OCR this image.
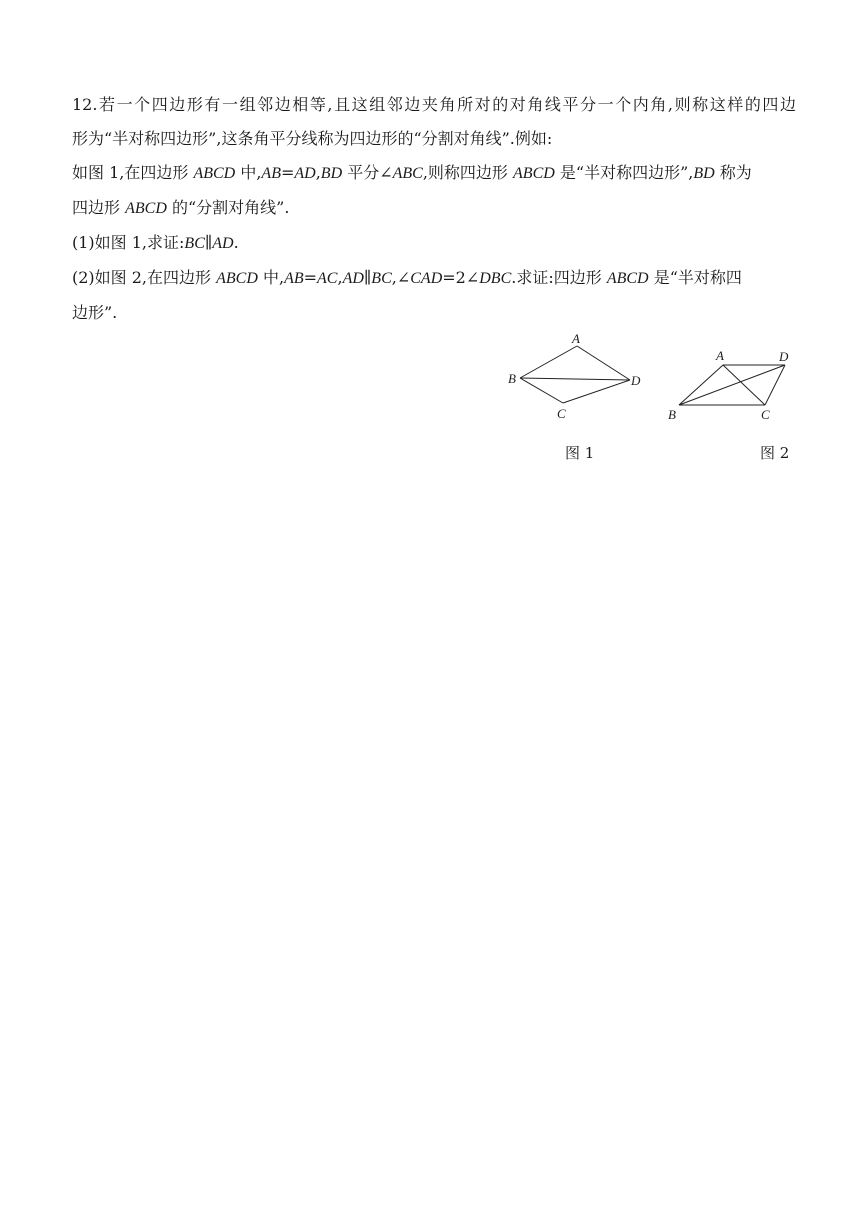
12.若一个四边形有一组邻边相等,且这组邻边夹角所对的对角线平分一个内角,则称这样的四边
形为“半对称四边形”,这条角平分线称为四边形的“分割对角线”.例如:
如图 1,在四边形 ABCD 中,AB=AD,BD 平分∠ABC,则称四边形 ABCD 是“半对称四边形”,BD 称为
四边形 ABCD 的“分割对角线”.
(1)如图 1,求证:BC∥AD.
(2)如图 2,在四边形 ABCD 中,AB=AC,AD∥BC,∠CAD=2∠DBC.求证:四边形 ABCD 是“半对称四
边形”.
A
B
C
D
A	D
B	C
图 1	图 2
